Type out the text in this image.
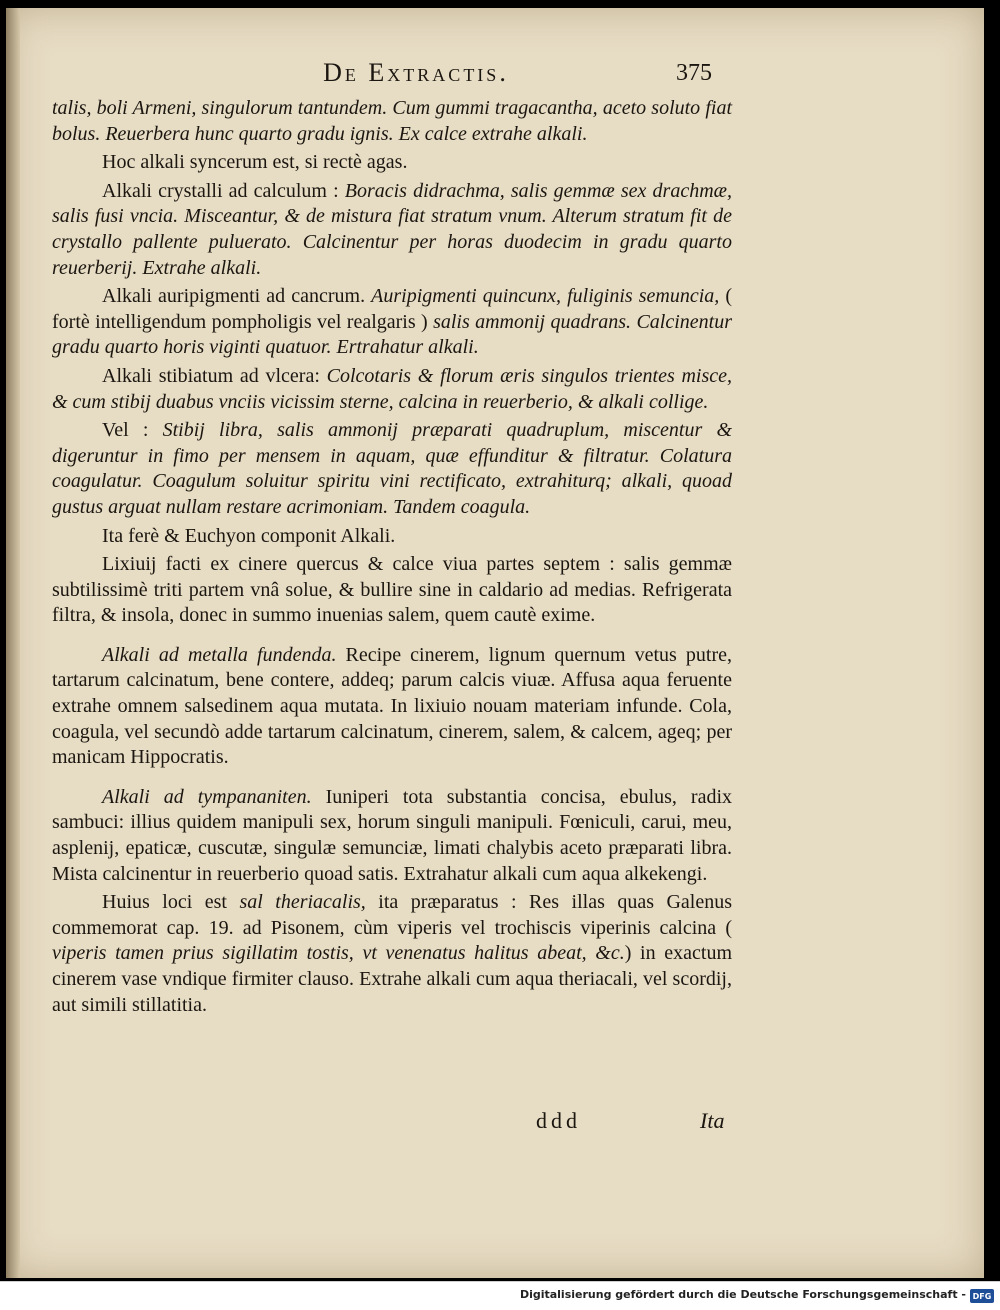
De Extractis.	375

talis, boli Armeni, singulorum tantundem. Cum gummi tragacantha, aceto soluto fiat bolus. Reuerbera hunc quarto gradu ignis. Ex calce extrahe alkali.

Hoc alkali syncerum est, si rectè agas.

Alkali crystalli ad calculum : Boracis didrachma, salis gemmæ sex drachmæ, salis fusi vncia. Misceantur, & de mistura fiat stratum vnum. Alterum stratum fit de crystallo pallente puluerato. Calcinentur per horas duodecim in gradu quarto reuerberij. Extrahe alkali.

Alkali auripigmenti ad cancrum. Auripigmenti quincunx, fuliginis semuncia, ( fortè intelligendum pompholigis vel realgaris ) salis ammonij quadrans. Calcinentur gradu quarto horis viginti quatuor. Ertrahatur alkali.

Alkali stibiatum ad vlcera: Colcotaris & florum æris singulos trientes misce, & cum stibij duabus vnciis vicissim sterne, calcina in reuerberio, & alkali collige.

Vel : Stibij libra, salis ammonij præparati quadruplum, miscentur & digeruntur in fimo per mensem in aquam, quæ effunditur & filtratur. Colatura coagulatur. Coagulum soluitur spiritu vini rectificato, extrahiturq; alkali, quoad gustus arguat nullam restare acrimoniam. Tandem coagula.

Ita ferè & Euchyon componit Alkali.

Lixiuij facti ex cinere quercus & calce viua partes septem : salis gemmæ subtilissimè triti partem vnâ solue, & bullire sine in caldario ad medias. Refrigerata filtra, & insola, donec in summo inuenias salem, quem cautè exime.

Alkali ad metalla fundenda. Recipe cinerem, lignum quernum vetus putre, tartarum calcinatum, bene contere, addeq; parum calcis viuæ. Affusa aqua feruente extrahe omnem salsedinem aqua mutata. In lixiuio nouam materiam infunde. Cola, coagula, vel secundò adde tartarum calcinatum, cinerem, salem, & calcem, ageq; per manicam Hippocratis.

Alkali ad tympananiten. Iuniperi tota substantia concisa, ebulus, radix sambuci: illius quidem manipuli sex, horum singuli manipuli. Fœniculi, carui, meu, asplenij, epaticæ, cuscutæ, singulæ semunciæ, limati chalybis aceto præparati libra. Mista calcinentur in reuerberio quoad satis. Extrahatur alkali cum aqua alkekengi.

Huius loci est sal theriacalis, ita præparatus : Res illas quas Galenus commemorat cap. 19. ad Pisonem, cùm viperis vel trochiscis viperinis calcina ( viperis tamen prius sigillatim tostis, vt venenatus halitus abeat, &c.) in exactum cinerem vase vndique firmiter clauso. Extrahe alkali cum aqua theriacali, vel scordij, aut simili stillatitia.

ddd	Ita
Digitalisierung gefördert durch die Deutsche Forschungsgemeinschaft - DFG
